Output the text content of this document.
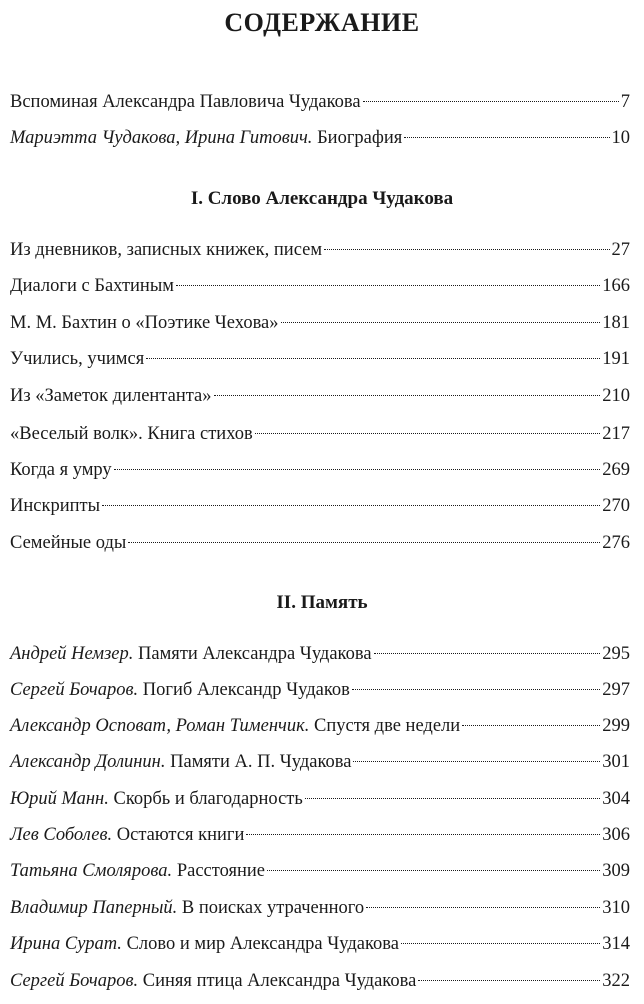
СОДЕРЖАНИЕ
Вспоминая Александра Павловича Чудакова	7
Мариэтта Чудакова, Ирина Гитович. Биография	10
I. Слово Александра Чудакова
Из дневников, записных книжек, писем	27
Диалоги с Бахтиным	166
М. М. Бахтин о «Поэтике Чехова»	181
Учились, учимся	191
Из «Заметок дилентанта»	210
«Веселый волк». Книга стихов	217
Когда я умру	269
Инскрипты	270
Семейные оды	276
II. Память
Андрей Немзер. Памяти Александра Чудакова	295
Сергей Бочаров. Погиб Александр Чудаков	297
Александр Осповат, Роман Тименчик. Спустя две недели	299
Александр Долинин. Памяти А. П. Чудакова	301
Юрий Манн. Скорбь и благодарность	304
Лев Соболев. Остаются книги	306
Татьяна Смолярова. Расстояние	309
Владимир Паперный. В поисках утраченного	310
Ирина Сурат. Слово и мир Александра Чудакова	314
Сергей Бочаров. Синяя птица Александра Чудакова	322
